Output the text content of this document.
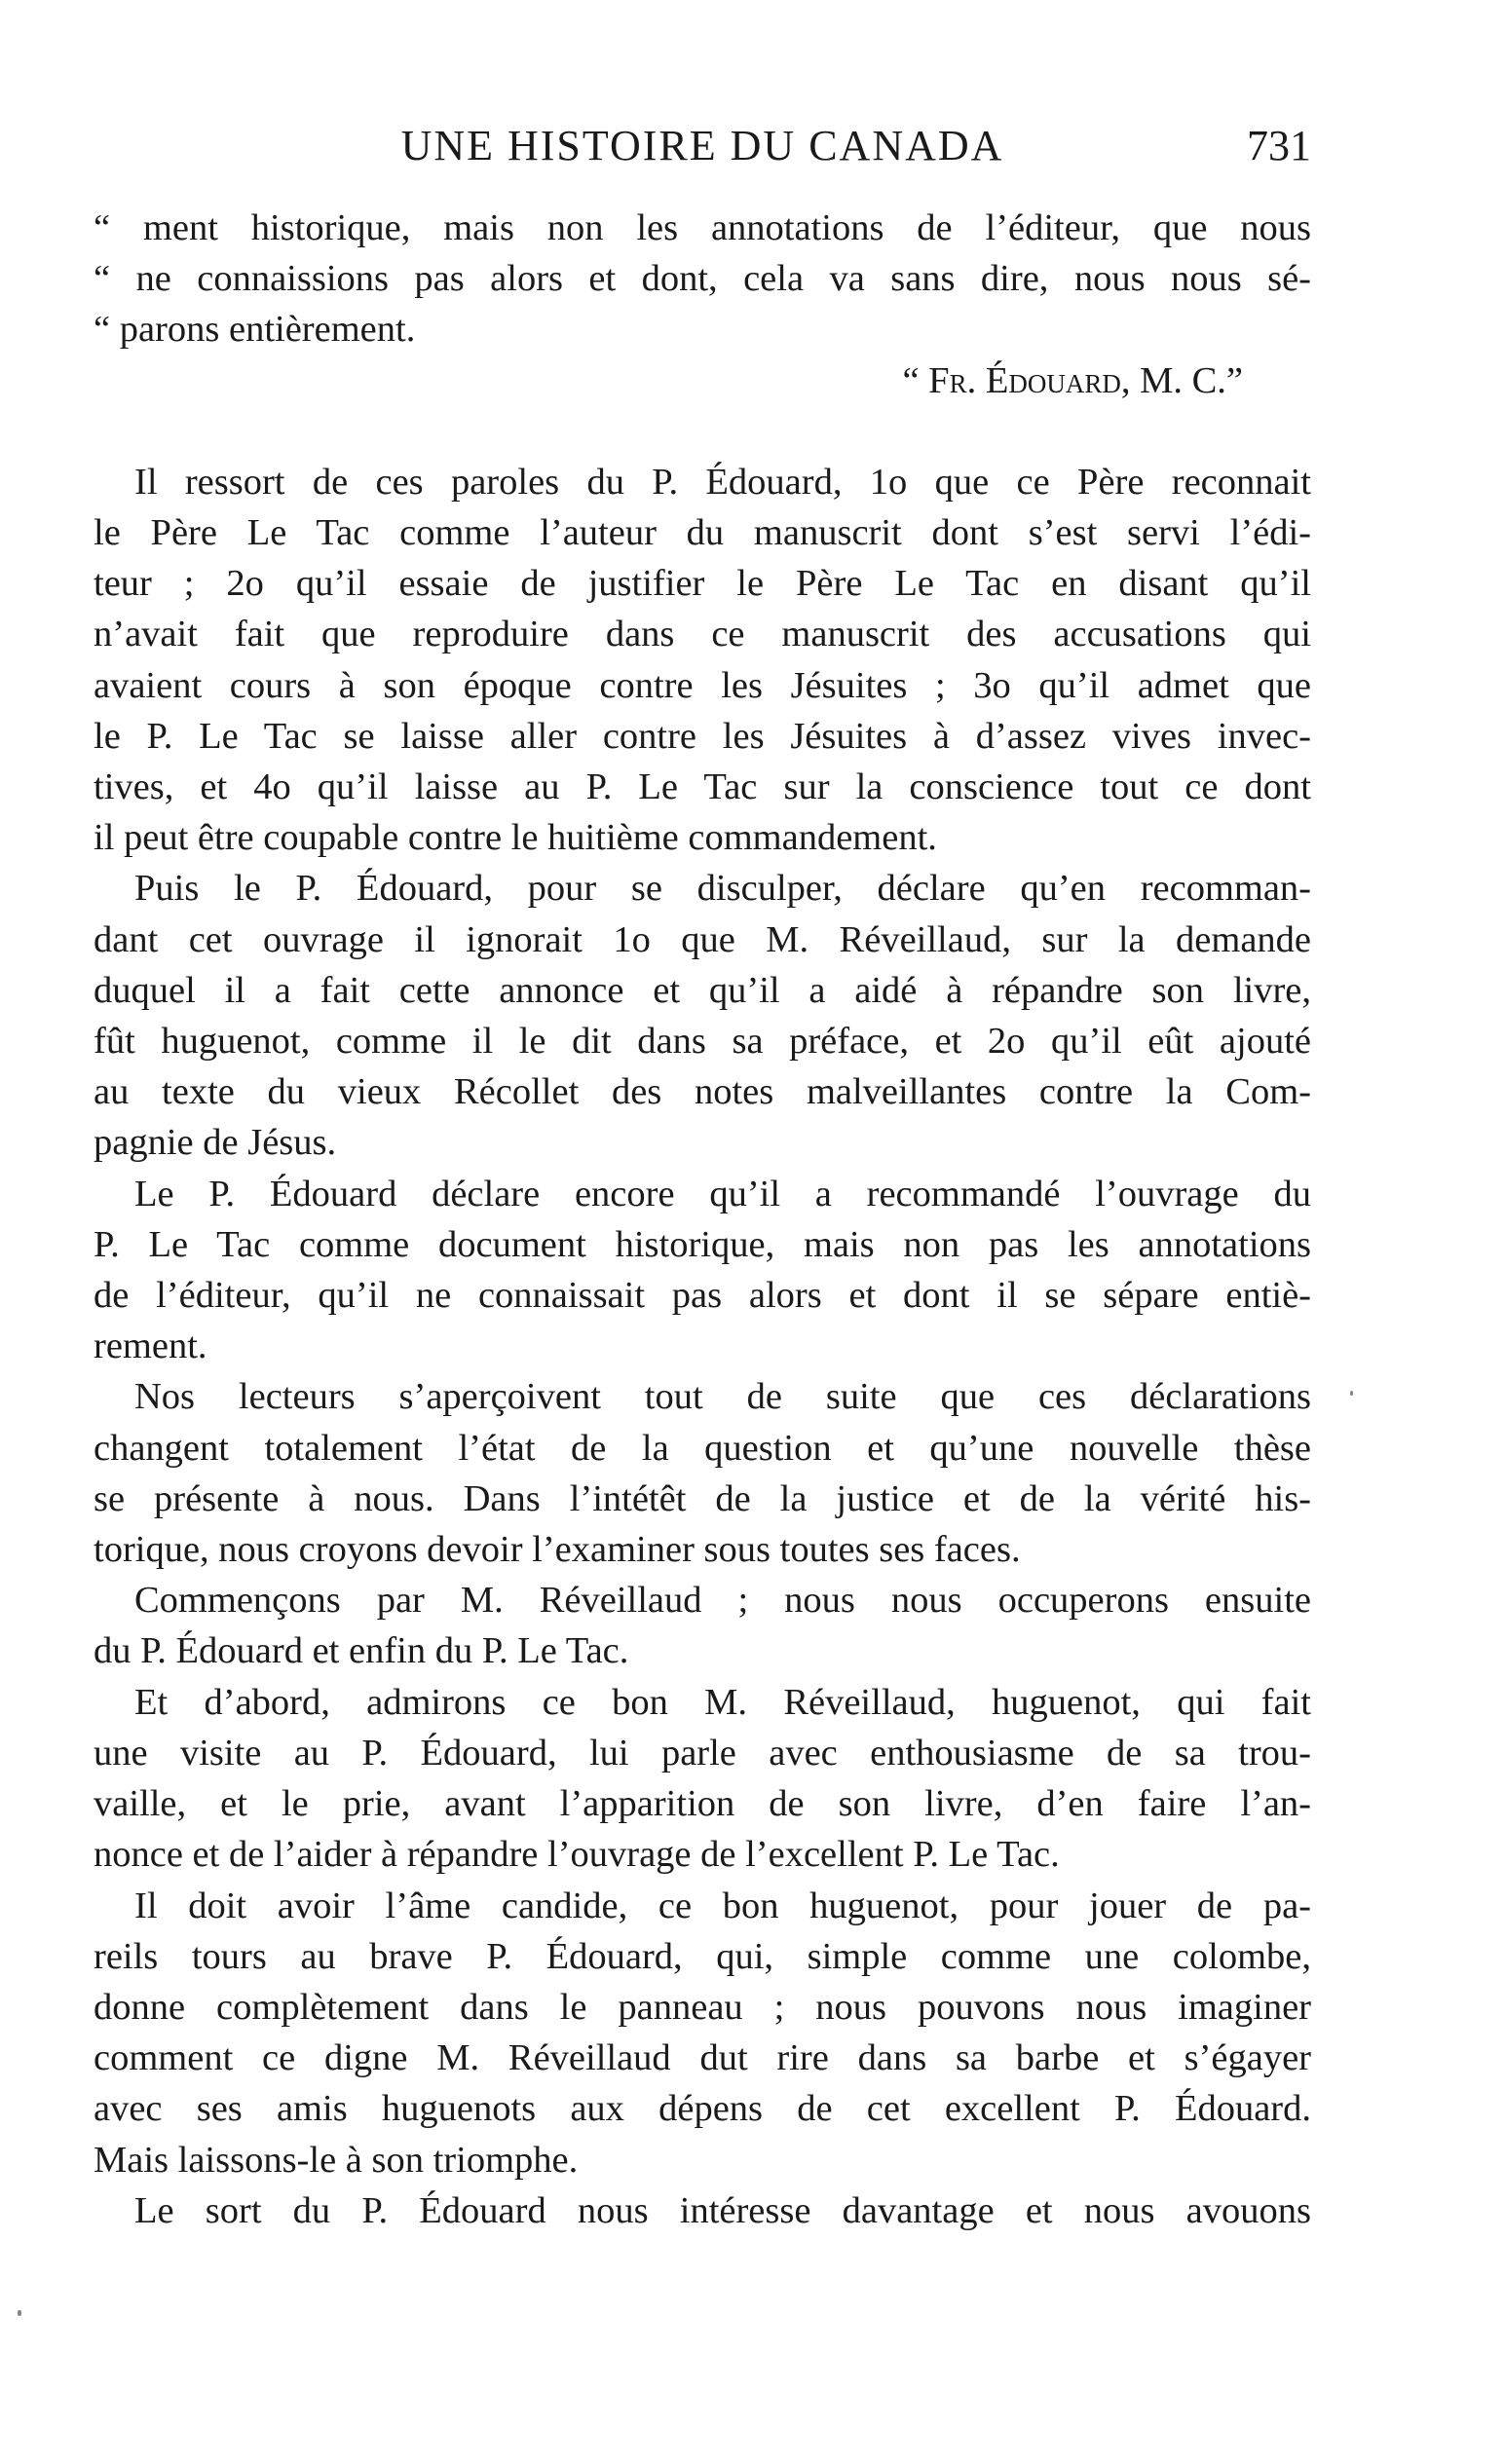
UNE HISTOIRE DU CANADA	731
“ ment historique, mais non les annotations de l’éditeur, que nous
“ ne connaissions pas alors et dont, cela va sans dire, nous nous sé-
“ parons entièrement.
“ Fr. Édouard, M. C.”
Il ressort de ces paroles du P. Édouard, 1o que ce Père reconnait
le Père Le Tac comme l’auteur du manuscrit dont s’est servi l’édi-
teur ; 2o qu’il essaie de justifier le Père Le Tac en disant qu’il
n’avait fait que reproduire dans ce manuscrit des accusations qui
avaient cours à son époque contre les Jésuites ; 3o qu’il admet que
le P. Le Tac se laisse aller contre les Jésuites à d’assez vives invec-
tives, et 4o qu’il laisse au P. Le Tac sur la conscience tout ce dont
il peut être coupable contre le huitième commandement.
Puis le P. Édouard, pour se disculper, déclare qu’en recomman-
dant cet ouvrage il ignorait 1o que M. Réveillaud, sur la demande
duquel il a fait cette annonce et qu’il a aidé à répandre son livre,
fût huguenot, comme il le dit dans sa préface, et 2o qu’il eût ajouté
au texte du vieux Récollet des notes malveillantes contre la Com-
pagnie de Jésus.
Le P. Édouard déclare encore qu’il a recommandé l’ouvrage du
P. Le Tac comme document historique, mais non pas les annotations
de l’éditeur, qu’il ne connaissait pas alors et dont il se sépare entiè-
rement.
Nos lecteurs s’aperçoivent tout de suite que ces déclarations
changent totalement l’état de la question et qu’une nouvelle thèse
se présente à nous. Dans l’intétêt de la justice et de la vérité his-
torique, nous croyons devoir l’examiner sous toutes ses faces.
Commençons par M. Réveillaud ; nous nous occuperons ensuite
du P. Édouard et enfin du P. Le Tac.
Et d’abord, admirons ce bon M. Réveillaud, huguenot, qui fait
une visite au P. Édouard, lui parle avec enthousiasme de sa trou-
vaille, et le prie, avant l’apparition de son livre, d’en faire l’an-
nonce et de l’aider à répandre l’ouvrage de l’excellent P. Le Tac.
Il doit avoir l’âme candide, ce bon huguenot, pour jouer de pa-
reils tours au brave P. Édouard, qui, simple comme une colombe,
donne complètement dans le panneau ; nous pouvons nous imaginer
comment ce digne M. Réveillaud dut rire dans sa barbe et s’égayer
avec ses amis huguenots aux dépens de cet excellent P. Édouard.
Mais laissons-le à son triomphe.
Le sort du P. Édouard nous intéresse davantage et nous avouons
